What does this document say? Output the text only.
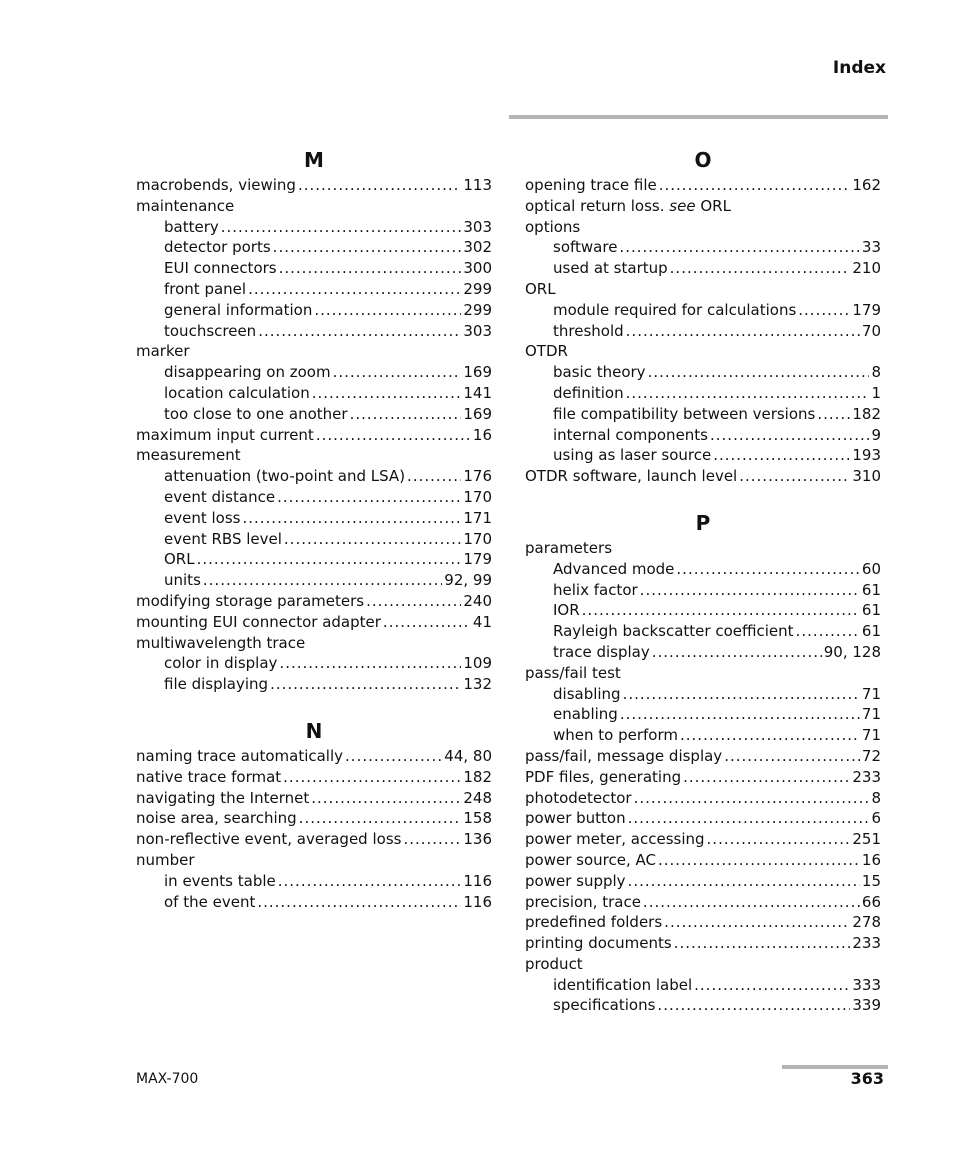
Index
M
macrobends, viewing .....	113
maintenance
battery .....	303
detector ports .....	302
EUI connectors .....	300
front panel .....	299
general information .....	299
touchscreen .....	303
marker
disappearing on zoom .....	169
location calculation .....	141
too close to one another .....	169
maximum input current .....	16
measurement
attenuation (two-point and LSA) .....	176
event distance .....	170
event loss .....	171
event RBS level .....	170
ORL .....	179
units .....	92, 99
modifying storage parameters .....	240
mounting EUI connector adapter .....	41
multiwavelength trace
color in display .....	109
file displaying .....	132
N
naming trace automatically .....	44, 80
native trace format .....	182
navigating the Internet .....	248
noise area, searching .....	158
non-reflective event, averaged loss .....	136
number
in events table .....	116
of the event .....	116
O
opening trace file .....	162
optical return loss. see ORL
options
software .....	33
used at startup .....	210
ORL
module required for calculations .....	179
threshold .....	70
OTDR
basic theory .....	8
definition .....	1
file compatibility between versions ..... 182
internal components .....	9
using as laser source .....	193
OTDR software, launch level .....	310
P
parameters
Advanced mode .....	60
helix factor .....	61
IOR .....	61
Rayleigh backscatter coefficient .....	61
trace display .....	90, 128
pass/fail test
disabling .....	71
enabling .....	71
when to perform .....	71
pass/fail, message display .....	72
PDF files, generating .....	233
photodetector .....	8
power button .....	6
power meter, accessing .....	251
power source, AC .....	16
power supply .....	15
precision, trace .....	66
predefined folders .....	278
printing documents .....	233
product
identification label .....	333
specifications .....	339
MAX-700	363
